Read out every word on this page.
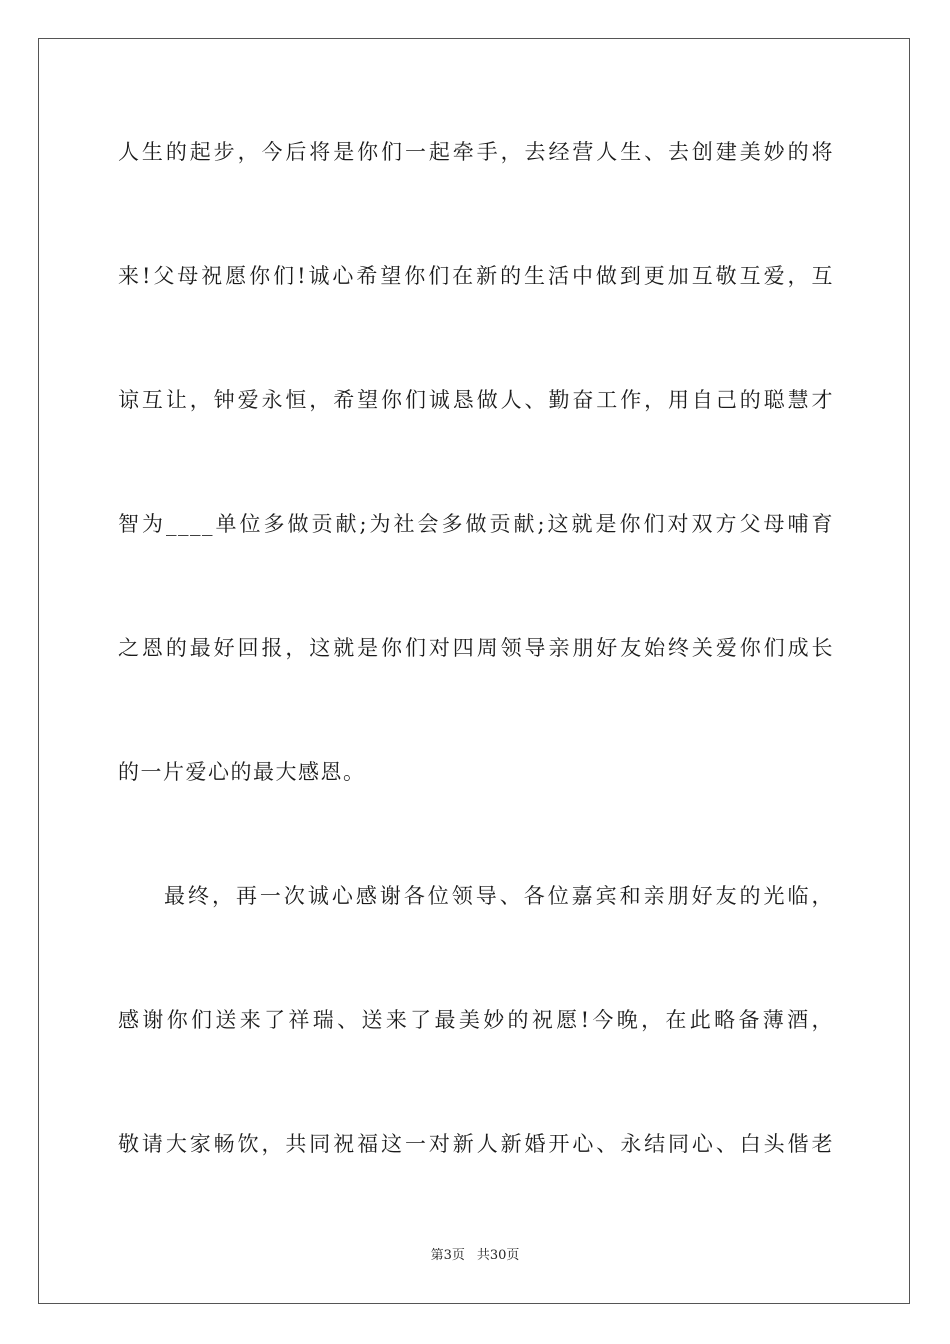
人生的起步，今后将是你们一起牵手，去经营人生、去创建美妙的将
来!父母祝愿你们!诚心希望你们在新的生活中做到更加互敬互爱，互
谅互让，钟爱永恒，希望你们诚恳做人、勤奋工作，用自己的聪慧才
智为____单位多做贡献;为社会多做贡献;这就是你们对双方父母哺育
之恩的最好回报，这就是你们对四周领导亲朋好友始终关爱你们成长
的一片爱心的最大感恩。
最终，再一次诚心感谢各位领导、各位嘉宾和亲朋好友的光临，
感谢你们送来了祥瑞、送来了最美妙的祝愿!今晚，在此略备薄酒，
敬请大家畅饮，共同祝福这一对新人新婚开心、永结同心、白头偕老
第3页 共30页
